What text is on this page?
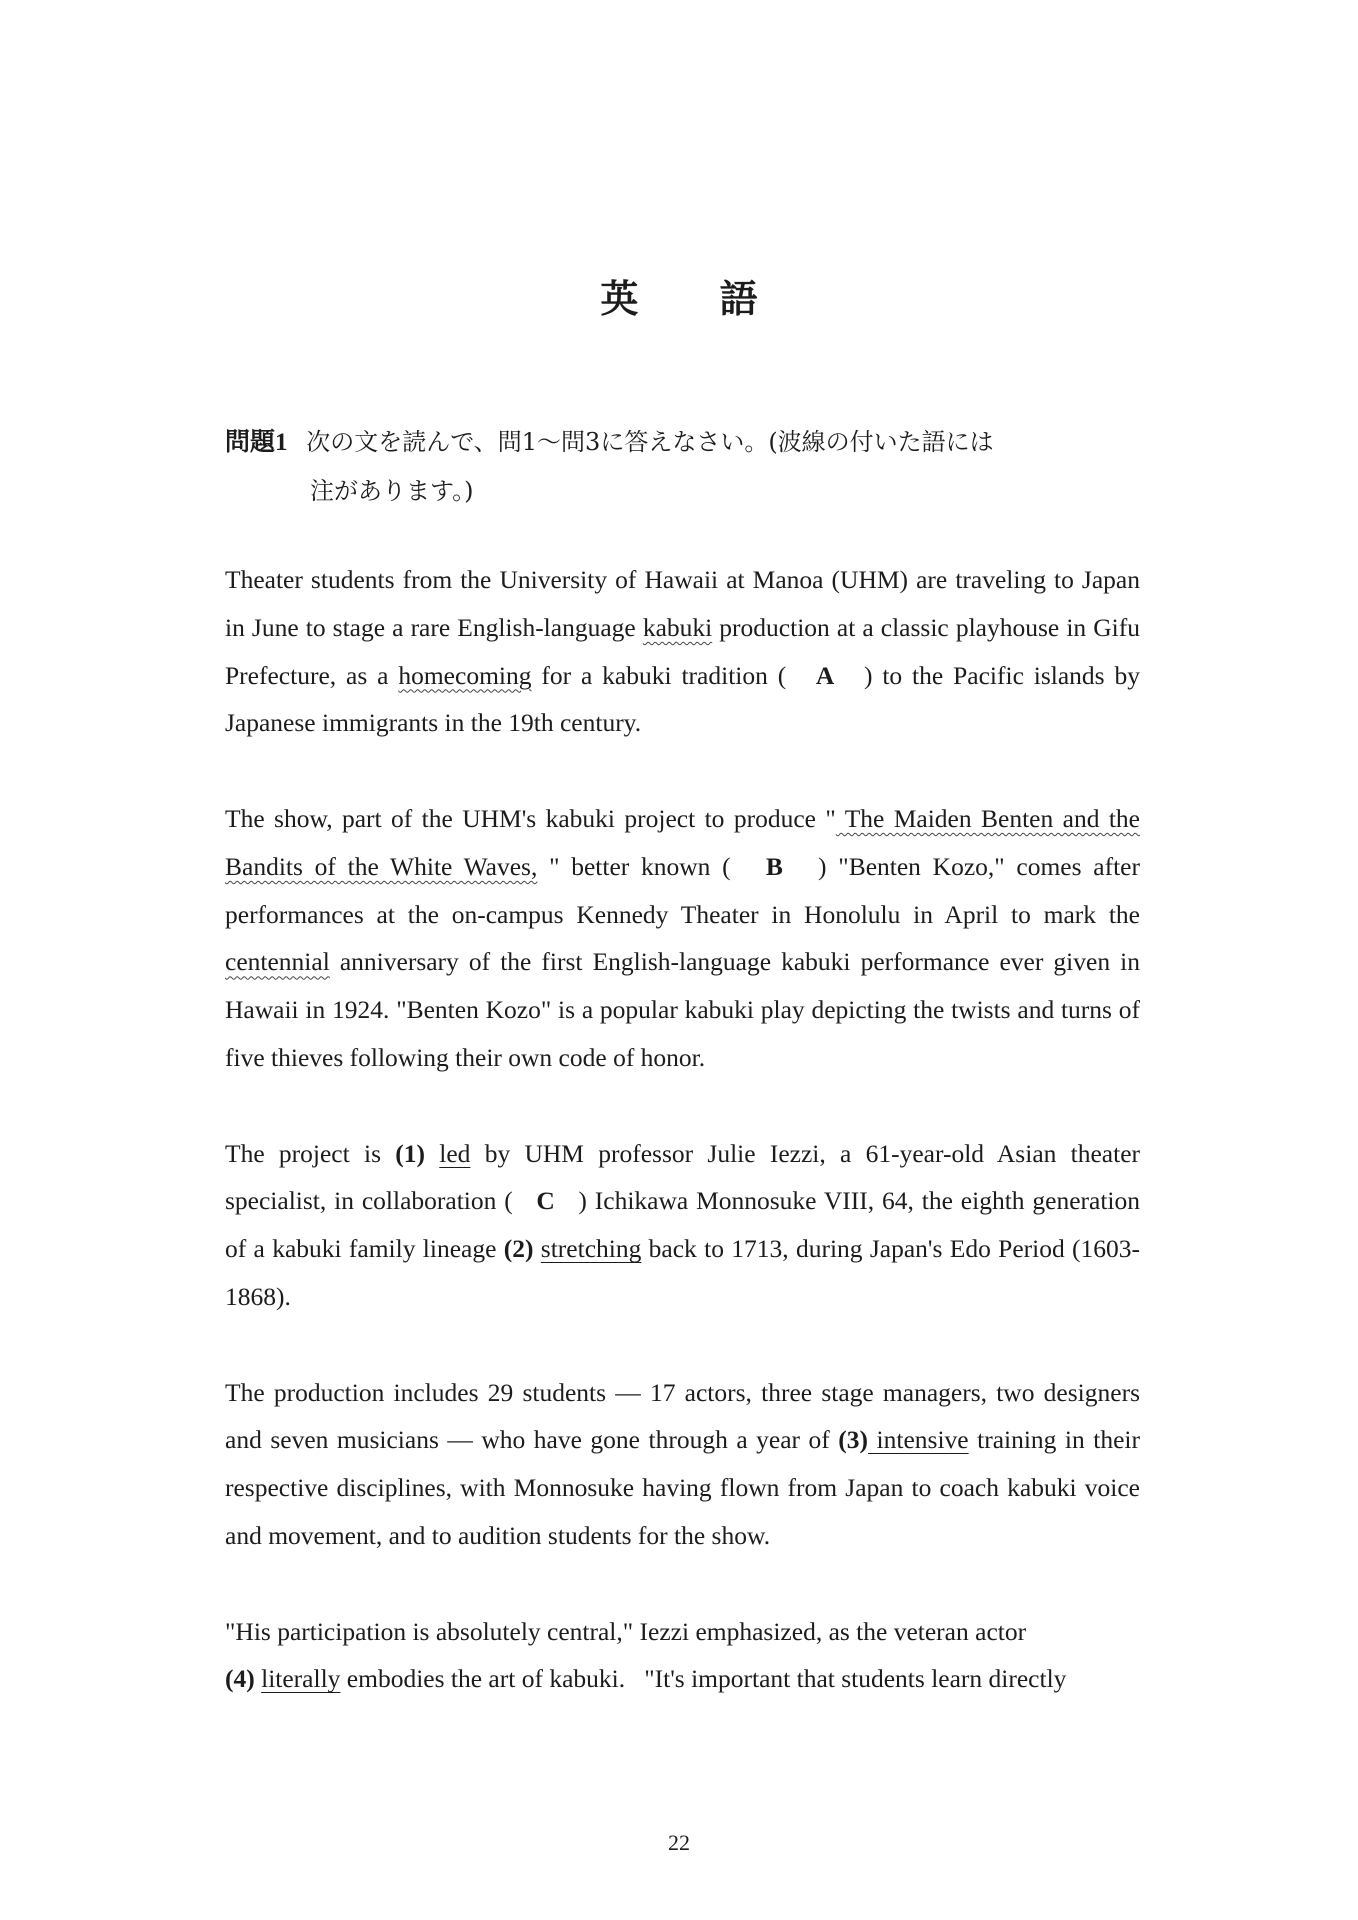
英 語
問題1 次の文を読んで、問1〜問3に答えなさい。(波線の付いた語には
注があります。)

Theater students from the University of Hawaii at Manoa (UHM) are traveling to Japan in June to stage a rare English-language kabuki production at a classic playhouse in Gifu Prefecture, as a homecoming for a kabuki tradition (   A   ) to the Pacific islands by Japanese immigrants in the 19th century.

The show, part of the UHM's kabuki project to produce " The Maiden Benten and the Bandits of the White Waves, " better known (   B   ) "Benten Kozo," comes after performances at the on-campus Kennedy Theater in Honolulu in April to mark the centennial anniversary of the first English-language kabuki performance ever given in Hawaii in 1924. "Benten Kozo" is a popular kabuki play depicting the twists and turns of five thieves following their own code of honor.

The project is (1) led by UHM professor Julie Iezzi, a 61-year-old Asian theater specialist, in collaboration (   C   ) Ichikawa Monnosuke VIII, 64, the eighth generation of a kabuki family lineage (2) stretching back to 1713, during Japan's Edo Period (1603-1868).

The production includes 29 students — 17 actors, three stage managers, two designers and seven musicians — who have gone through a year of (3) intensive training in their respective disciplines, with Monnosuke having flown from Japan to coach kabuki voice and movement, and to audition students for the show.

"His participation is absolutely central," Iezzi emphasized, as the veteran actor
(4) literally embodies the art of kabuki.   "It's important that students learn directly

22
